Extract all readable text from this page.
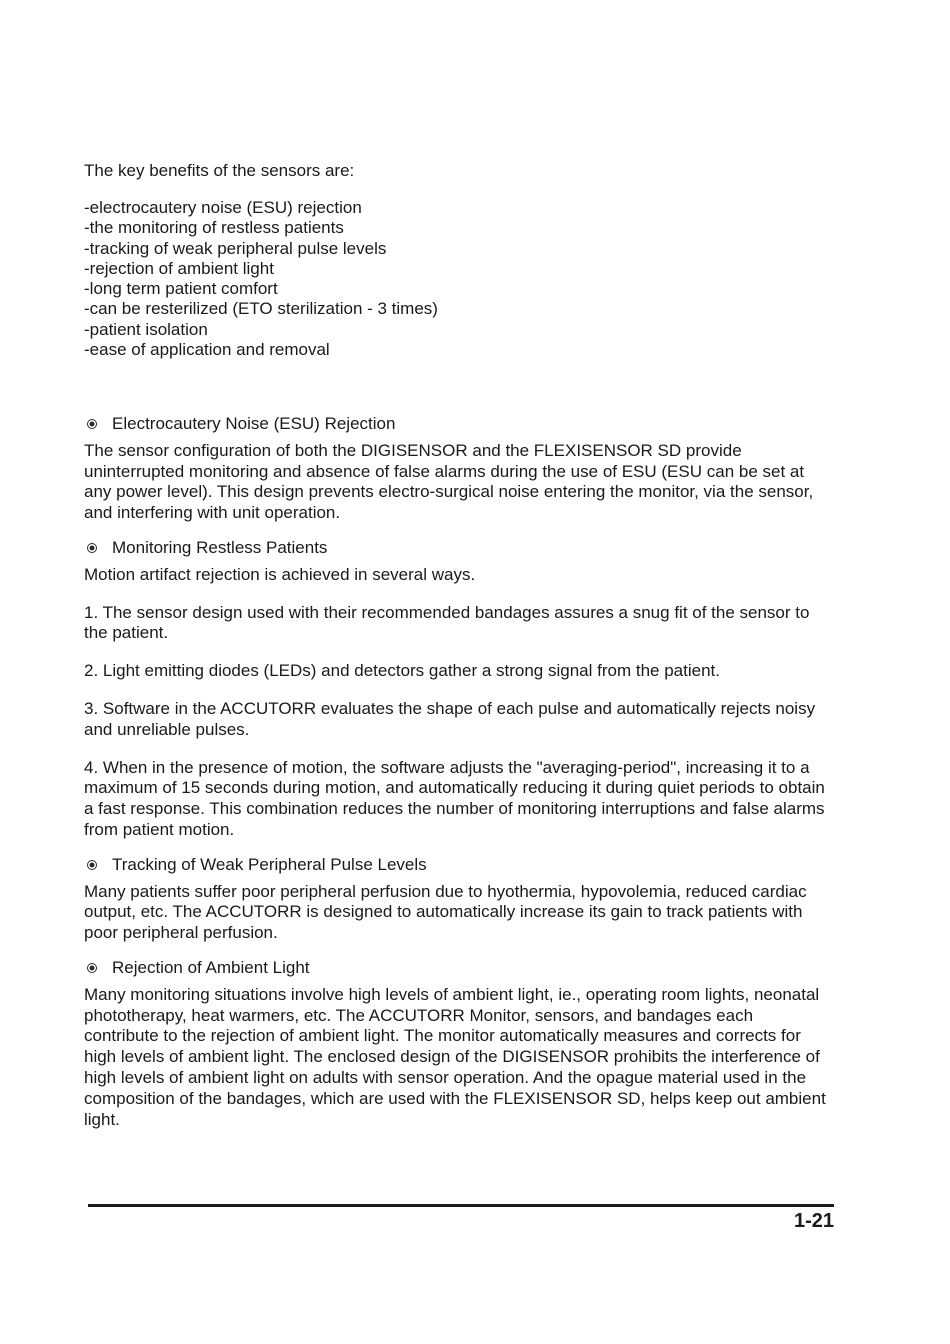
The key benefits of the sensors are:

-electrocautery noise (ESU) rejection
-the monitoring of restless patients
-tracking of weak peripheral pulse levels
-rejection of ambient light
-long term patient comfort
-can be resterilized (ETO sterilization - 3 times)
-patient isolation
-ease of application and removal
Electrocautery Noise (ESU) Rejection

The sensor configuration of both the DIGISENSOR and the FLEXISENSOR SD provide uninterrupted monitoring and absence of false alarms during the use of ESU (ESU can be set at any power level). This design prevents electro-surgical noise entering the monitor, via the sensor, and interfering with unit operation.

Monitoring Restless Patients

Motion artifact rejection is achieved in several ways.

1. The sensor design used with their recommended bandages assures a snug fit of the sensor to the patient.

2. Light emitting diodes (LEDs) and detectors gather a strong signal from the patient.

3. Software in the ACCUTORR evaluates the shape of each pulse and automatically rejects noisy and unreliable pulses.

4. When in the presence of motion, the software adjusts the "averaging-period", increasing it to a maximum of 15 seconds during motion, and automatically reducing it during quiet periods to obtain a fast response. This combination reduces the number of monitoring interruptions and false alarms from patient motion.

Tracking of Weak Peripheral Pulse Levels

Many patients suffer poor peripheral perfusion due to hyothermia, hypovolemia, reduced cardiac output, etc. The ACCUTORR is designed to automatically increase its gain to track patients with poor peripheral perfusion.

Rejection of Ambient Light

Many monitoring situations involve high levels of ambient light, ie., operating room lights, neonatal phototherapy, heat warmers, etc. The ACCUTORR Monitor, sensors, and bandages each contribute to the rejection of ambient light. The monitor automatically measures and corrects for high levels of ambient light. The enclosed design of the DIGISENSOR prohibits the interference of high levels of ambient light on adults with sensor operation. And the opague material used in the composition of the bandages, which are used with the FLEXISENSOR SD, helps keep out ambient light.

1-21
